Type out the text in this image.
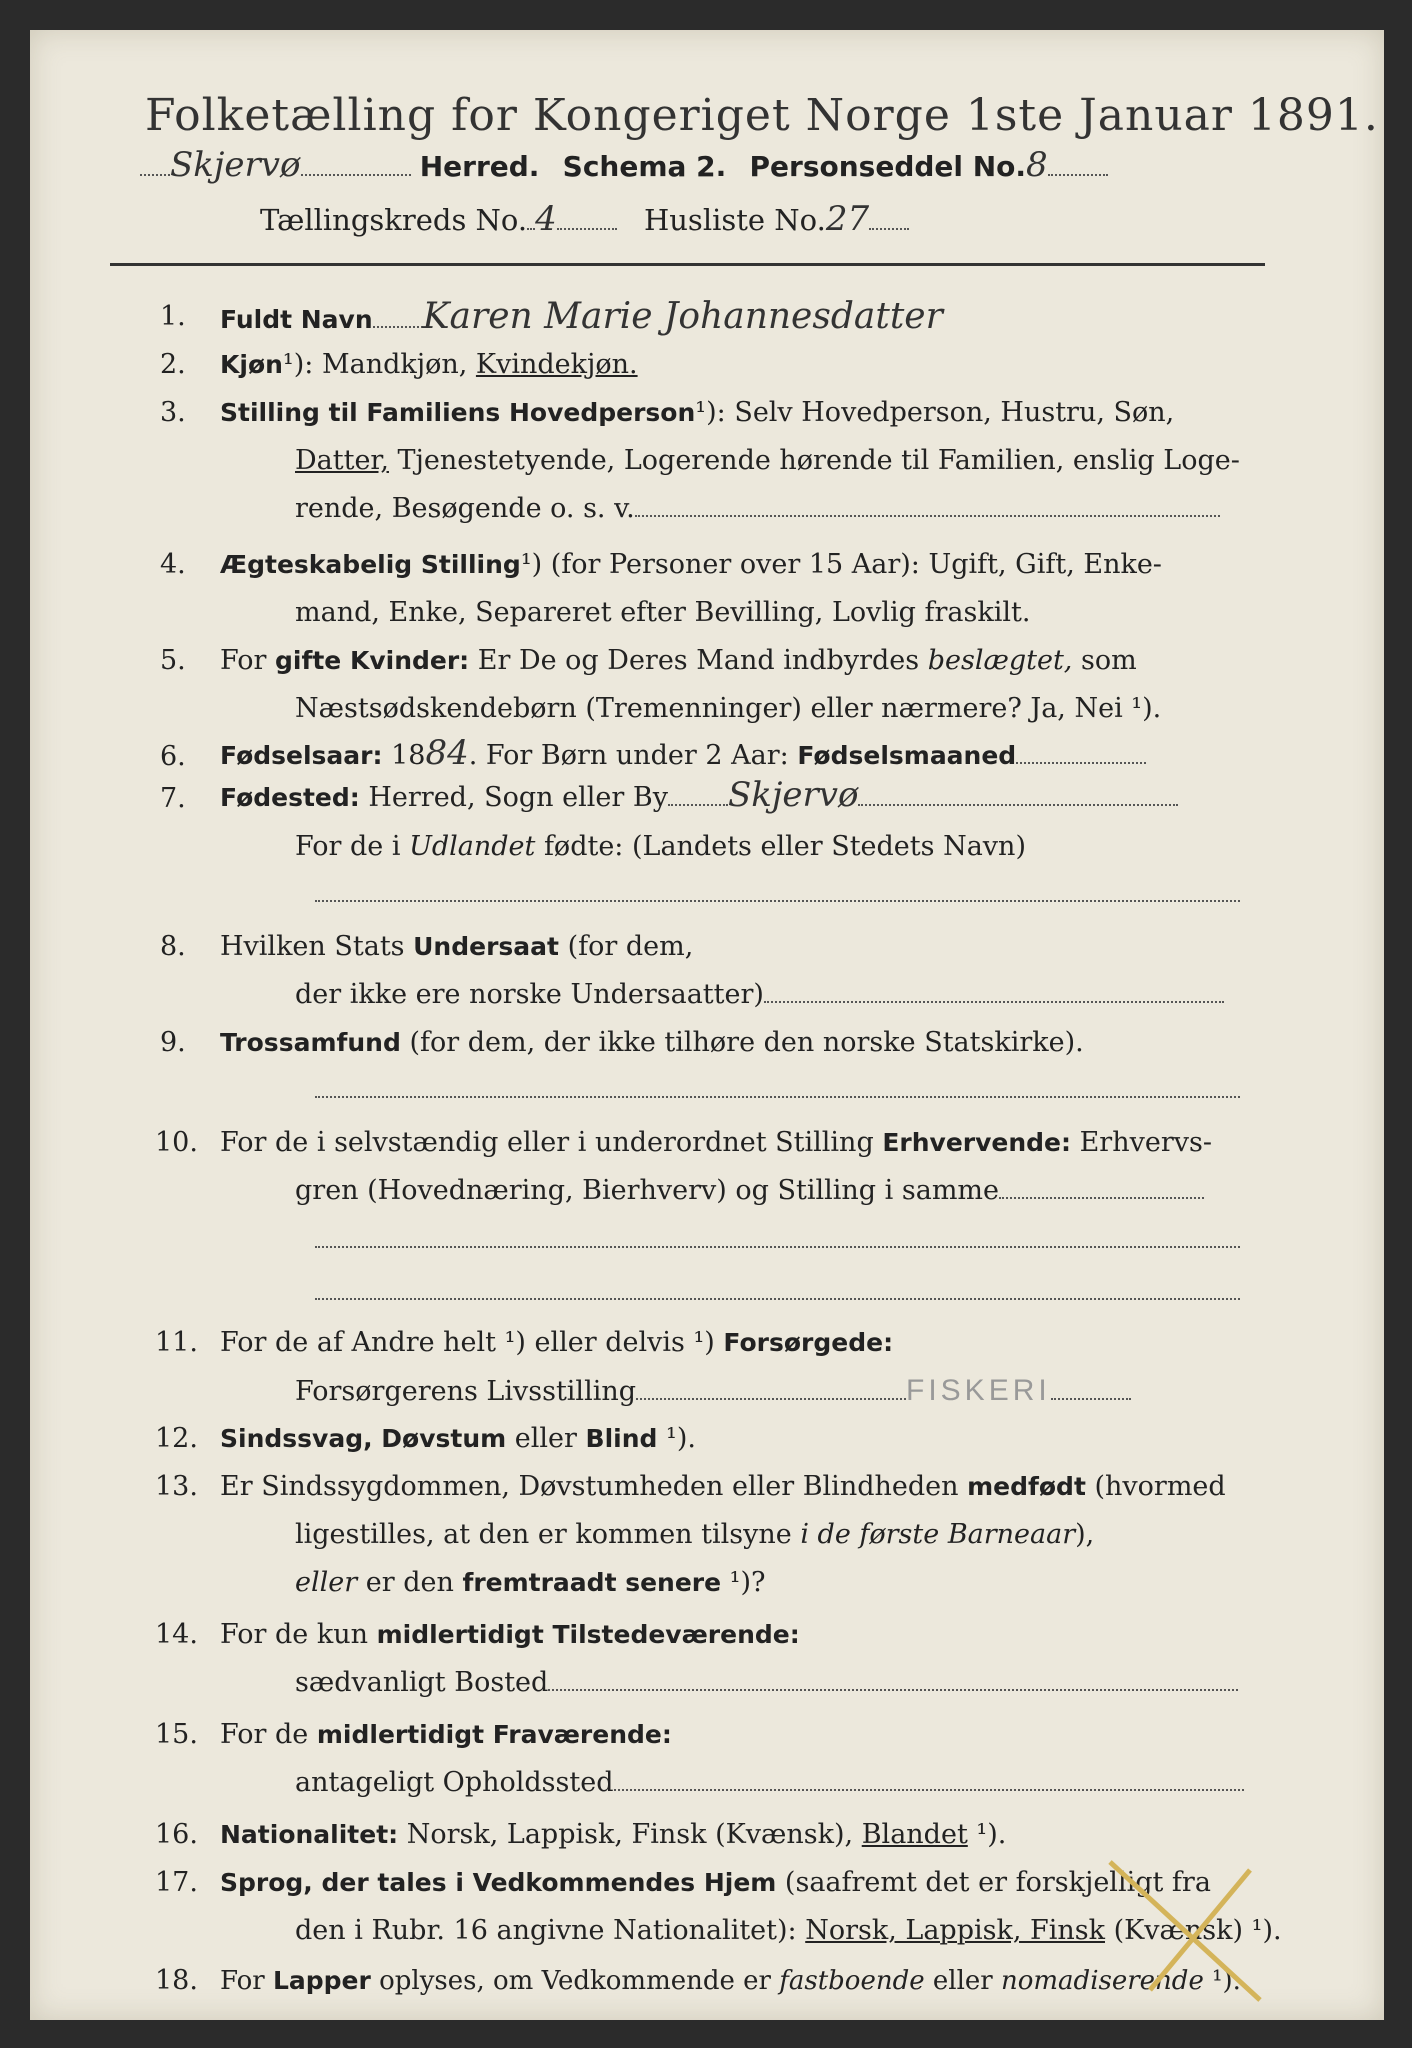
Folketælling for Kongeriget Norge 1ste Januar 1891.
Skjervø	Herred. Schema 2. Personseddel No.8
Tællingskreds No. 4	Husliste No.27
1. Fuldt Navn Karen Marie Johannesdatter
2. Kjøn¹): Mandkjøn, Kvindekjøn.
3. Stilling til Familiens Hovedperson¹): Selv Hovedperson, Hustru, Søn,
Datter, Tjenestetyende, Logerende hørende til Familien, enslig Loge-
rende, Besøgende o. s. v.
4. Ægteskabelig Stilling¹) (for Personer over 15 Aar): Ugift, Gift, Enke-
mand, Enke, Separeret efter Bevilling, Lovlig fraskilt.
5. For gifte Kvinder: Er De og Deres Mand indbyrdes beslægtet, som
Næstsødskendebørn (Tremenninger) eller nærmere? Ja, Nei ¹).
6. Fødselsaar: 1884. For Børn under 2 Aar: Fødselsmaaned
7. Fødested: Herred, Sogn eller By Skjervø
For de i Udlandet fødte: (Landets eller Stedets Navn)
8. Hvilken Stats Undersaat (for dem,
der ikke ere norske Undersaatter)
9. Trossamfund (for dem, der ikke tilhøre den norske Statskirke).
10. For de i selvstændig eller i underordnet Stilling Erhvervende: Erhvervs-
gren (Hovednæring, Bierhverv) og Stilling i samme
11. For de af Andre helt ¹) eller delvis ¹) Forsørgede:
Forsørgerens Livsstilling	FISKERI
12. Sindssvag, Døvstum eller Blind ¹).
13. Er Sindssygdommen, Døvstumheden eller Blindheden medfødt (hvormed
ligestilles, at den er kommen tilsyne i de første Barneaar),
eller er den fremtraadt senere ¹)?
14. For de kun midlertidigt Tilstedeværende:
sædvanligt Bosted
15. For de midlertidigt Fraværende:
antageligt Opholdssted
16. Nationalitet: Norsk, Lappisk, Finsk (Kvænsk), Blandet ¹).
17. Sprog, der tales i Vedkommendes Hjem (saafremt det er forskjelligt fra
den i Rubr. 16 angivne Nationalitet): Norsk, Lappisk, Finsk (Kvænsk) ¹).
18. For Lapper oplyses, om Vedkommende er fastboende eller nomadiserende ¹).
